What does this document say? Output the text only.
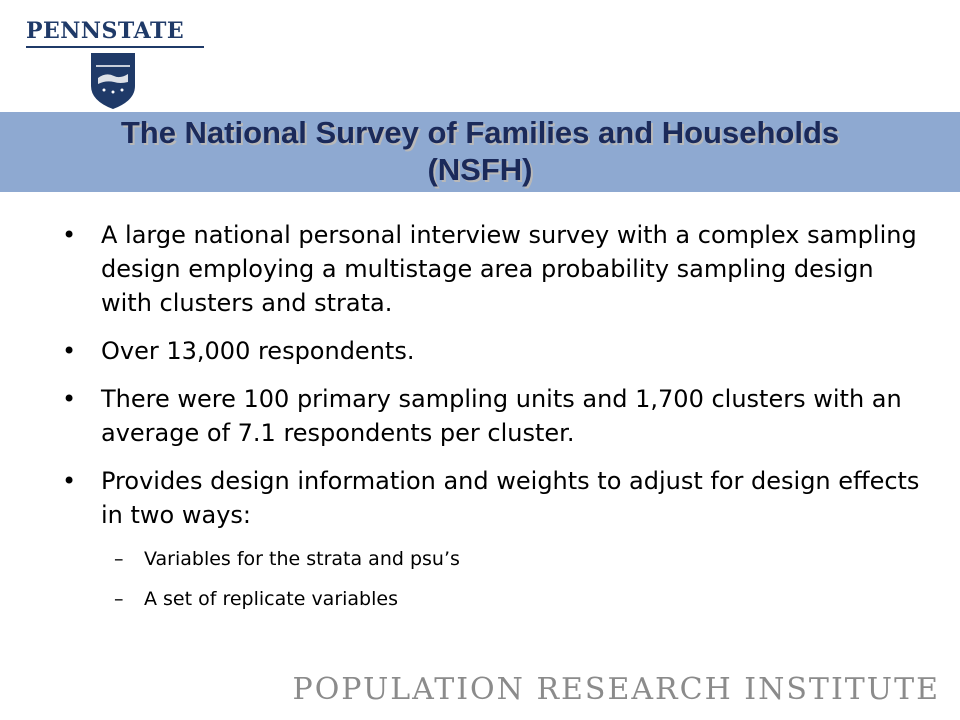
PENNSTATE
The National Survey of Families and Households
(NSFH)
• A large national personal interview survey with a complex sampling design employing a multistage area probability sampling design with clusters and strata.
• Over 13,000 respondents.
• There were 100 primary sampling units and 1,700 clusters with an average of 7.1 respondents per cluster.
• Provides design information and weights to adjust for design effects in two ways:
– Variables for the strata and psu’s
– A set of replicate variables
POPULATION RESEARCH INSTITUTE
